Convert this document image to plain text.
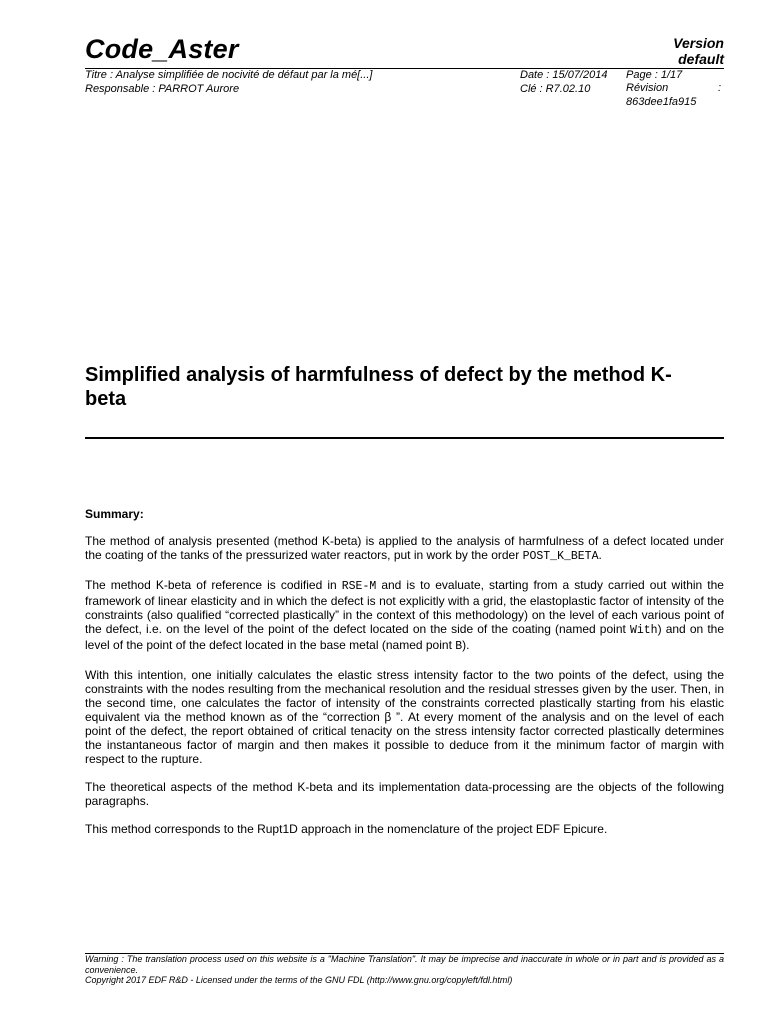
Code_Aster	Version
default
Titre : Analyse simplifiée de nocivité de défaut par la mé[...]
Responsable : PARROT Aurore
Date : 15/07/2014
Clé : R7.02.10
Page : 1/17
Révision	:
863dee1fa915
Simplified analysis of harmfulness of defect by the method K-beta
Summary:

The method of analysis presented (method K-beta) is applied to the analysis of harmfulness of a defect located under the coating of the tanks of the pressurized water reactors, put in work by the order POST_K_BETA.

The method K-beta of reference is codified in RSE-M and is to evaluate, starting from a study carried out within the framework of linear elasticity and in which the defect is not explicitly with a grid, the elastoplastic factor of intensity of the constraints (also qualified “corrected plastically” in the context of this methodology) on the level of each various point of the defect, i.e. on the level of the point of the defect located on the side of the coating (named point With) and on the level of the point of the defect located in the base metal (named point B).

With this intention, one initially calculates the elastic stress intensity factor to the two points of the defect, using the constraints with the nodes resulting from the mechanical resolution and the residual stresses given by the user. Then, in the second time, one calculates the factor of intensity of the constraints corrected plastically starting from his elastic equivalent via the method known as of the “correction β ”. At every moment of the analysis and on the level of each point of the defect, the report obtained of critical tenacity on the stress intensity factor corrected plastically determines the instantaneous factor of margin and then makes it possible to deduce from it the minimum factor of margin with respect to the rupture.

The theoretical aspects of the method K-beta and its implementation data-processing are the objects of the following paragraphs.

This method corresponds to the Rupt1D approach in the nomenclature of the project EDF Epicure.

Warning : The translation process used on this website is a "Machine Translation". It may be imprecise and inaccurate in whole or in part and is provided as a convenience.
Copyright 2017 EDF R&D - Licensed under the terms of the GNU FDL (http://www.gnu.org/copyleft/fdl.html)
